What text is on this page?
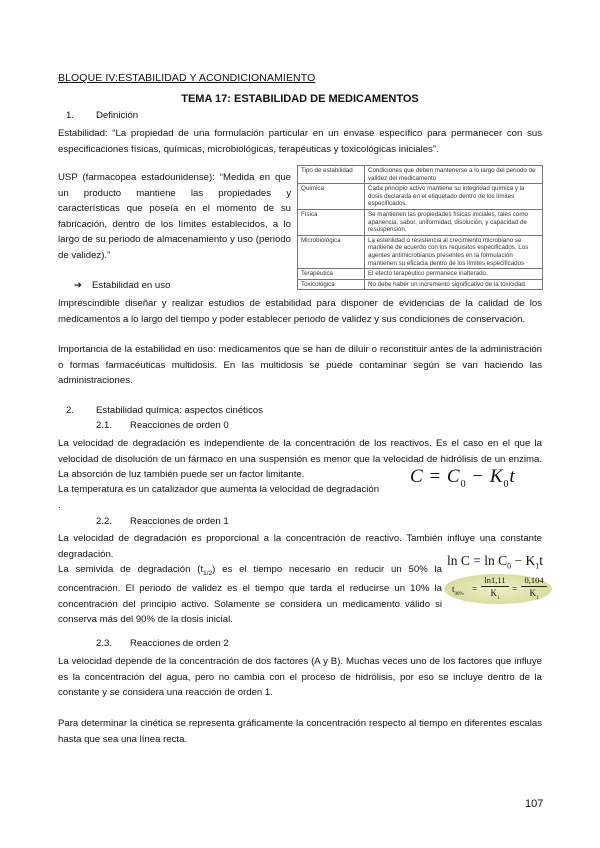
BLOQUE IV:ESTABILIDAD Y ACONDICIONAMIENTO
TEMA 17: ESTABILIDAD DE MEDICAMENTOS
1. Definición
Estabilidad: “La propiedad de una formulación particular en un envase específico para permanecer con sus especificaciones físicas, químicas, microbiológicas, terapéuticas y toxicológicas iniciales”.
USP (farmacopea estadounidense): “Medida en que un producto mantiene las propiedades y características que poseía en el momento de su fabricación, dentro de los límites establecidos, a lo largo de su periodo de almacenamiento y uso (periodo de validez).”
Tipo de estabilidad	Condiciones que deben mantenerse a lo largo del periodo de validez del medicamento
Química	Cada principio activo mantiene su integridad química y la dosis declarada en el etiquetado dentro de los límites especificados.
Física	Se mantienen las propiedades físicas iniciales, tales como apariencia, sabor, uniformidad, disolución, y capacidad de resuspensión.
Microbiológica	La esterilidad o resistencia al crecimiento microbiano se mantiene de acuerdo con los requisitos especificados. Los agentes antimicrobianos presentes en la formulación mantienen su eficacia dentro de los límites especificados
Terapéutica	El efecto terapéutico permanece inalterado.
Toxicológica	No debe haber un incremento significativo de la toxicidad.
➔ Estabilidad en uso
Imprescindible diseñar y realizar estudios de estabilidad para disponer de evidencias de la calidad de los medicamentos a lo largo del tiempo y poder establecer periodo de validez y sus condiciones de conservación.
Importancia de la estabilidad en uso: medicamentos que se han de diluir o reconstituir antes de la administración o formas farmacéuticas multidosis. En las multidosis se puede contaminar según se van haciendo las administraciones.
2. Estabilidad química: aspectos cinéticos
2.1. Reacciones de orden 0
La velocidad de degradación es independiente de la concentración de los reactivos. Es el caso en el que la velocidad de disolución de un fármaco en una suspensión es menor que la velocidad de hidrólisis de un enzima. La absorción de luz también puede ser un factor limitante.
La temperatura es un catalizador que aumenta la velocidad de degradación
.
$C = C_0 - K_0t$
2.2. Reacciones de orden 1
La velocidad de degradación es proporcional a la concentración de reactivo. También influye una constante degradación.
La semivida de degradación $(t_{1/2})$ es el tiempo necesario en reducir un 50% la concentración. El periodo de validez es el tiempo que tarda el reducirse un 10% la concentración del principio activo. Solamente se considera un medicamento válido si conserva más del 90% de la dosis inicial.
$\ln C = \ln C_0 - K_1t$
$t_{90\%}$
= $\frac{\ln 1,11}{K_1} = \frac{0,104}{K_1}$
2.3. Reacciones de orden 2
La velocidad depende de la concentración de dos factores (A y B). Muchas veces uno de los factores que influye es la concentración del agua, pero no cambia con el proceso de hidrólisis, por eso se incluye dentro de la constante y se considera una reacción de orden 1.
Para determinar la cinética se representa gráficamente la concentración respecto al tiempo en diferentes escalas hasta que sea una línea recta.
107
